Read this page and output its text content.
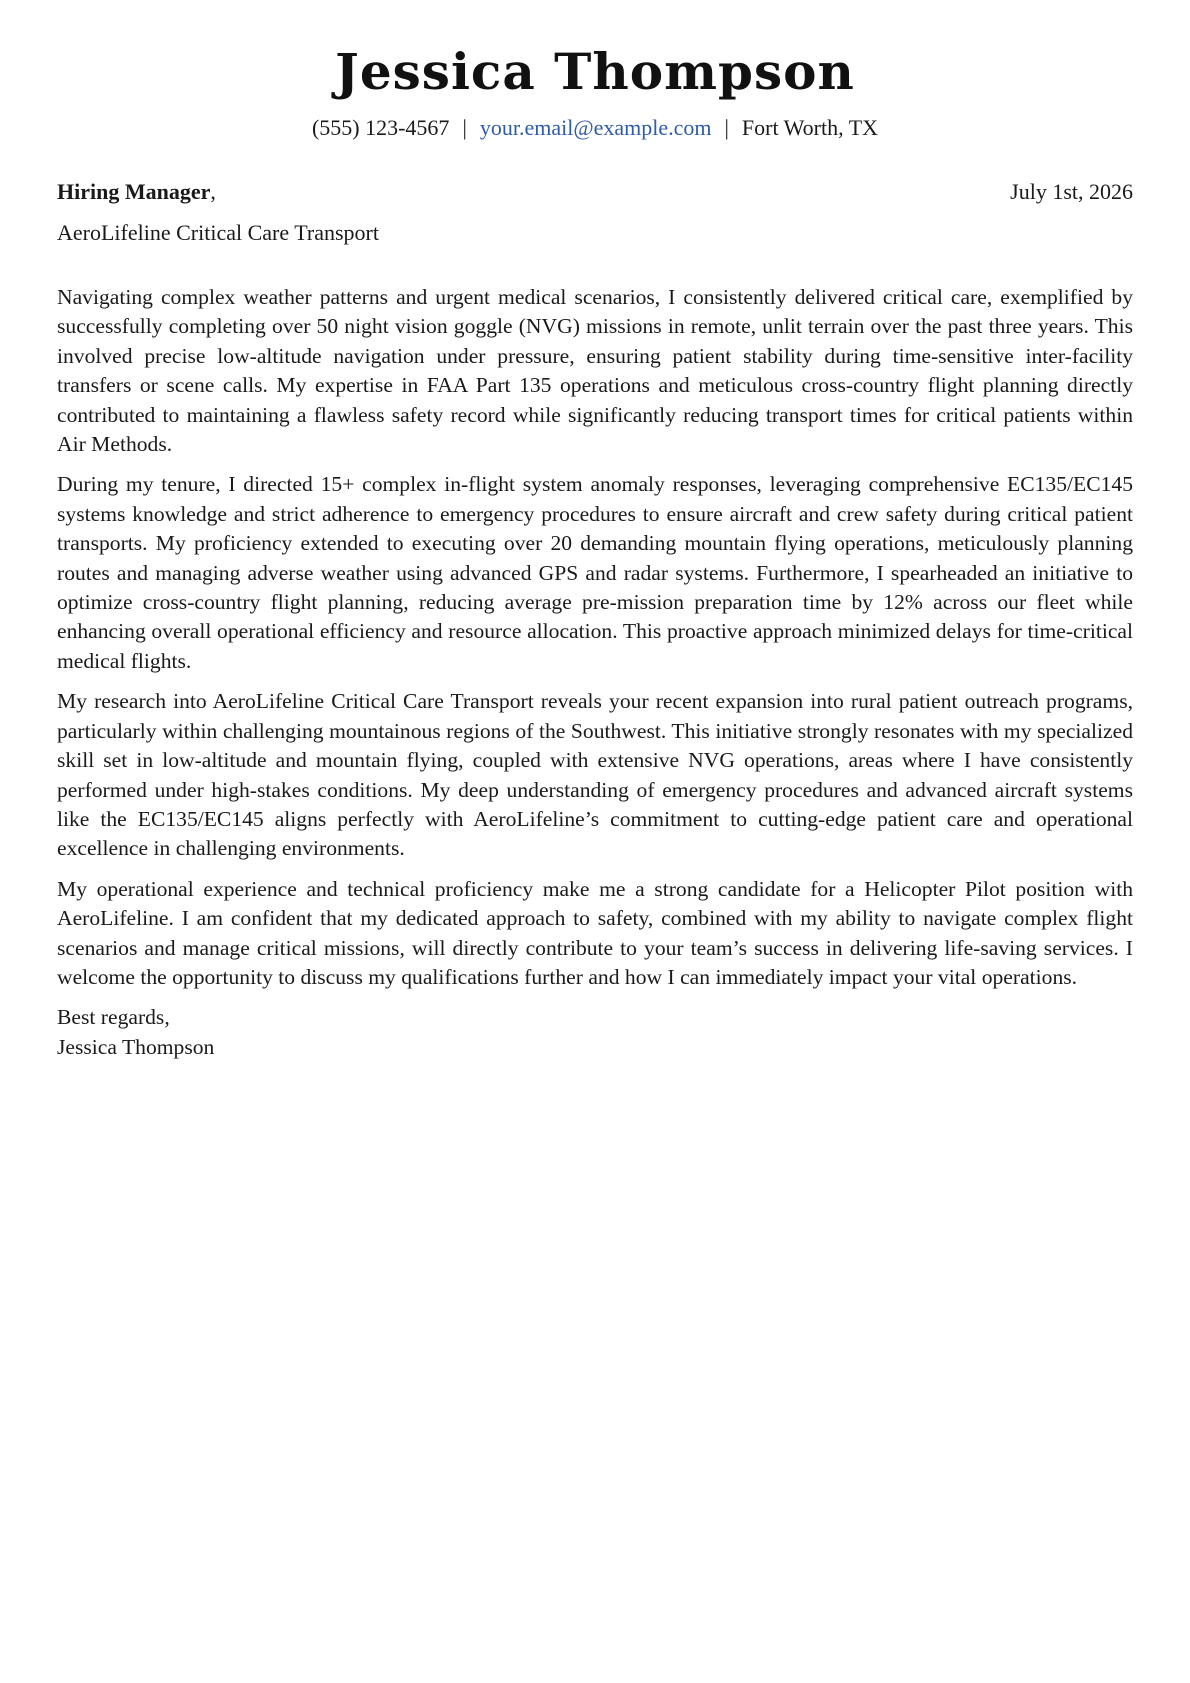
Jessica Thompson
(555) 123-4567 | your.email@example.com | Fort Worth, TX
Hiring Manager,	July 1st, 2026
AeroLifeline Critical Care Transport

Navigating complex weather patterns and urgent medical scenarios, I consistently delivered critical care, exemplified by successfully completing over 50 night vision goggle (NVG) missions in remote, unlit terrain over the past three years. This involved precise low-altitude navigation under pressure, ensuring patient stability during time-sensitive inter-facility transfers or scene calls. My expertise in FAA Part 135 operations and meticulous cross-country flight planning directly contributed to maintaining a flawless safety record while significantly reducing transport times for critical patients within Air Methods.

During my tenure, I directed 15+ complex in-flight system anomaly responses, leveraging comprehensive EC135/EC145 systems knowledge and strict adherence to emergency procedures to ensure aircraft and crew safety during critical patient transports. My proficiency extended to executing over 20 demanding mountain flying operations, meticulously planning routes and managing adverse weather using advanced GPS and radar systems. Furthermore, I spearheaded an initiative to optimize cross-country flight planning, reducing average pre-mission preparation time by 12% across our fleet while enhancing overall operational efficiency and resource allocation. This proactive approach minimized delays for time-critical medical flights.

My research into AeroLifeline Critical Care Transport reveals your recent expansion into rural patient outreach programs, particularly within challenging mountainous regions of the Southwest. This initiative strongly resonates with my specialized skill set in low-altitude and mountain flying, coupled with extensive NVG operations, areas where I have consistently performed under high-stakes conditions. My deep understanding of emergency procedures and advanced aircraft systems like the EC135/EC145 aligns perfectly with AeroLifeline’s commitment to cutting-edge patient care and operational excellence in challenging environments.

My operational experience and technical proficiency make me a strong candidate for a Helicopter Pilot position with AeroLifeline. I am confident that my dedicated approach to safety, combined with my ability to navigate complex flight scenarios and manage critical missions, will directly contribute to your team’s success in delivering life-saving services. I welcome the opportunity to discuss my qualifications further and how I can immediately impact your vital operations.

Best regards,
Jessica Thompson
